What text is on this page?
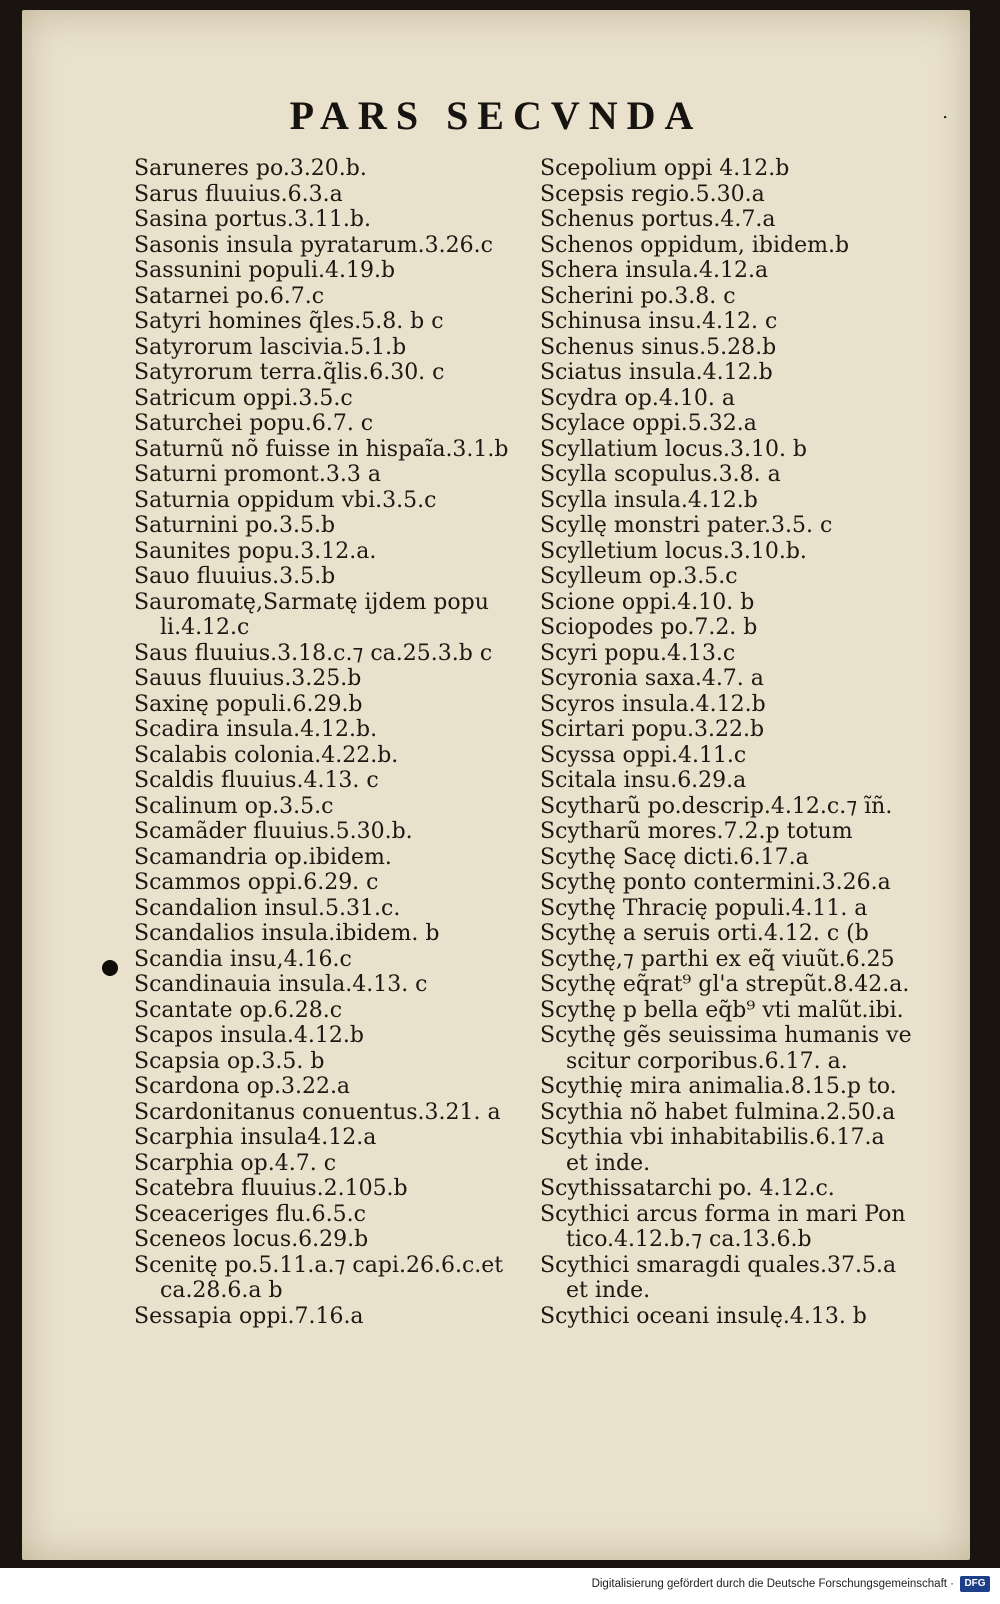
PARS SECVNDA	.
Saruneres po.3.20.b.
Sarus fluuius.6.3.a
Sasina portus.3.11.b.
Sasonis insula pyratarum.3.26.c
Sassunini populi.4.19.b
Satarnei po.6.7.c
Satyri homines q̃les.5.8. b c
Satyrorum lascivia.5.1.b
Satyrorum terra.q̃lis.6.30. c
Satricum oppi.3.5.c
Saturchei popu.6.7. c
Saturnũ nõ fuisse in hispaĩa.3.1.b
Saturni promont.3.3 a
Saturnia oppidum vbi.3.5.c
Saturnini po.3.5.b
Saunites popu.3.12.a.
Sauo fluuius.3.5.b
Sauromatę,Sarmatę ijdem popu
li.4.12.c
Saus fluuius.3.18.c.⁊ ca.25.3.b c
Sauus fluuius.3.25.b
Saxinę populi.6.29.b
Scadira insula.4.12.b.
Scalabis colonia.4.22.b.
Scaldis fluuius.4.13. c
Scalinum op.3.5.c
Scamãder fluuius.5.30.b.
Scamandria op.ibidem.
Scammos oppi.6.29. c
Scandalion insul.5.31.c.
Scandalios insula.ibidem. b
Scandia insu,4.16.c
Scandinauia insula.4.13. c
Scantate op.6.28.c
Scapos insula.4.12.b
Scapsia op.3.5. b
Scardona op.3.22.a
Scardonitanus conuentus.3.21. a
Scarphia insula4.12.a
Scarphia op.4.7. c
Scatebra fluuius.2.105.b
Sceaceriges flu.6.5.c
Sceneos locus.6.29.b
Scenitę po.5.11.a.⁊ capi.26.6.c.et
ca.28.6.a b
Sessapia oppi.7.16.a
Scepolium oppi 4.12.b
Scepsis regio.5.30.a
Schenus portus.4.7.a
Schenos oppidum, ibidem.b
Schera insula.4.12.a
Scherini po.3.8. c
Schinusa insu.4.12. c
Schenus sinus.5.28.b
Sciatus insula.4.12.b
Scydra op.4.10. a
Scylace oppi.5.32.a
Scyllatium locus.3.10. b
Scylla scopulus.3.8. a
Scylla insula.4.12.b
Scyllę monstri pater.3.5. c
Scylletium locus.3.10.b.
Scylleum op.3.5.c
Scione oppi.4.10. b
Sciopodes po.7.2. b
Scyri popu.4.13.c
Scyronia saxa.4.7. a
Scyros insula.4.12.b
Scirtari popu.3.22.b
Scyssa oppi.4.11.c
Scitala insu.6.29.a
Scytharũ po.descrip.4.12.c.⁊ ĩñ.
Scytharũ mores.7.2.p totum
Scythę Sacę dicti.6.17.a
Scythę ponto contermini.3.26.a
Scythę Thracię populi.4.11. a
Scythę a seruis orti.4.12. c (b
Scythę,⁊ parthi ex eq̃ viuũt.6.25
Scythę eq̃rat⁹ gl'a strepũt.8.42.a.
Scythę p bella eq̃b⁹ vti malũt.ibi.
Scythę gẽs seuissima humanis ve
scitur corporibus.6.17. a.
Scythię mira animalia.8.15.p to.
Scythia nõ habet fulmina.2.50.a
Scythia vbi inhabitabilis.6.17.a
et inde.
Scythissatarchi po. 4.12.c.
Scythici arcus forma in mari Pon
tico.4.12.b.⁊ ca.13.6.b
Scythici smaragdi quales.37.5.a
et inde.
Scythici oceani insulę.4.13. b
Digitalisierung gefördert durch die Deutsche Forschungsgemeinschaft ·	DFG
